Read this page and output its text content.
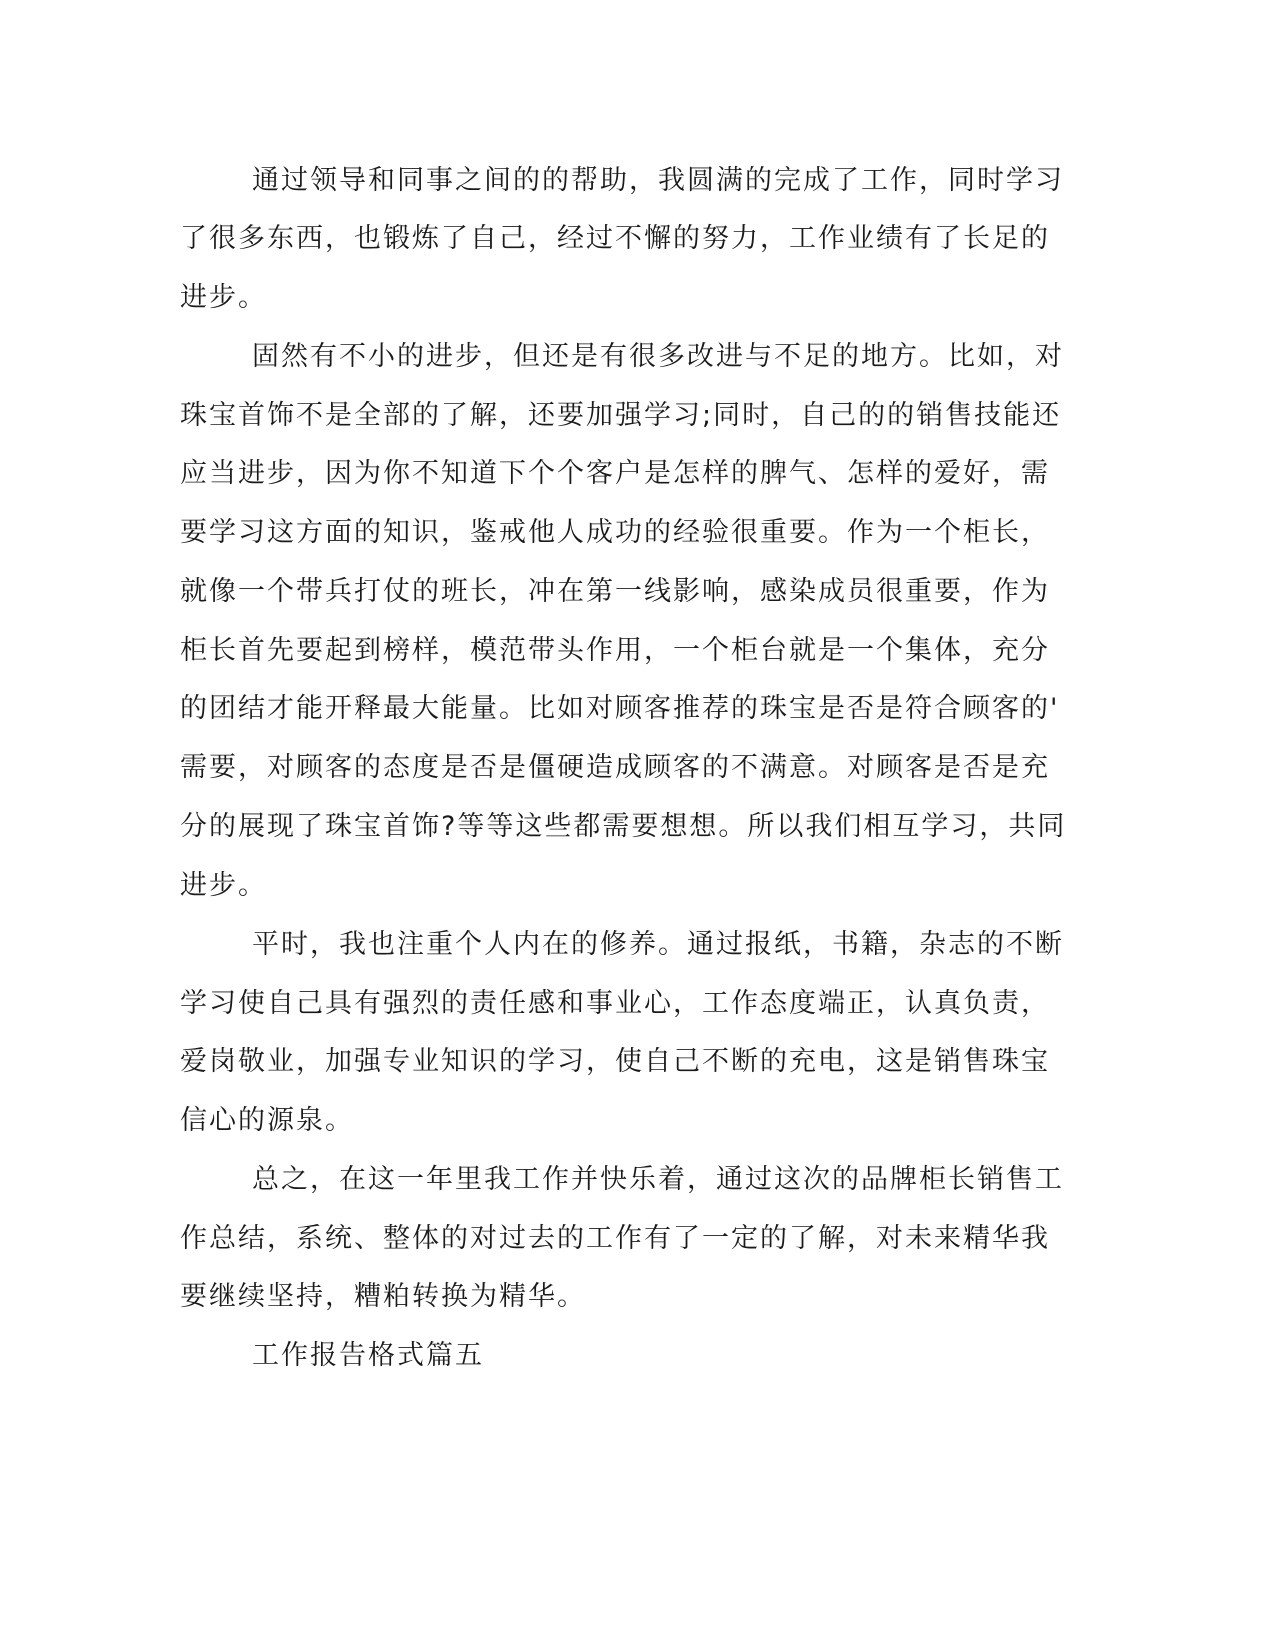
通过领导和同事之间的的帮助，我圆满的完成了工作，同时学习
了很多东西，也锻炼了自己，经过不懈的努力，工作业绩有了长足的
进步。
固然有不小的进步，但还是有很多改进与不足的地方。比如，对
珠宝首饰不是全部的了解，还要加强学习;同时，自己的的销售技能还
应当进步，因为你不知道下个个客户是怎样的脾气、怎样的爱好，需
要学习这方面的知识，鉴戒他人成功的经验很重要。作为一个柜长，
就像一个带兵打仗的班长，冲在第一线影响，感染成员很重要，作为
柜长首先要起到榜样，模范带头作用，一个柜台就是一个集体，充分
的团结才能开释最大能量。比如对顾客推荐的珠宝是否是符合顾客的'
需要，对顾客的态度是否是僵硬造成顾客的不满意。对顾客是否是充
分的展现了珠宝首饰?等等这些都需要想想。所以我们相互学习，共同
进步。
平时，我也注重个人内在的修养。通过报纸，书籍，杂志的不断
学习使自己具有强烈的责任感和事业心，工作态度端正，认真负责，
爱岗敬业，加强专业知识的学习，使自己不断的充电，这是销售珠宝
信心的源泉。
总之，在这一年里我工作并快乐着，通过这次的品牌柜长销售工
作总结，系统、整体的对过去的工作有了一定的了解，对未来精华我
要继续坚持，糟粕转换为精华。
工作报告格式篇五
